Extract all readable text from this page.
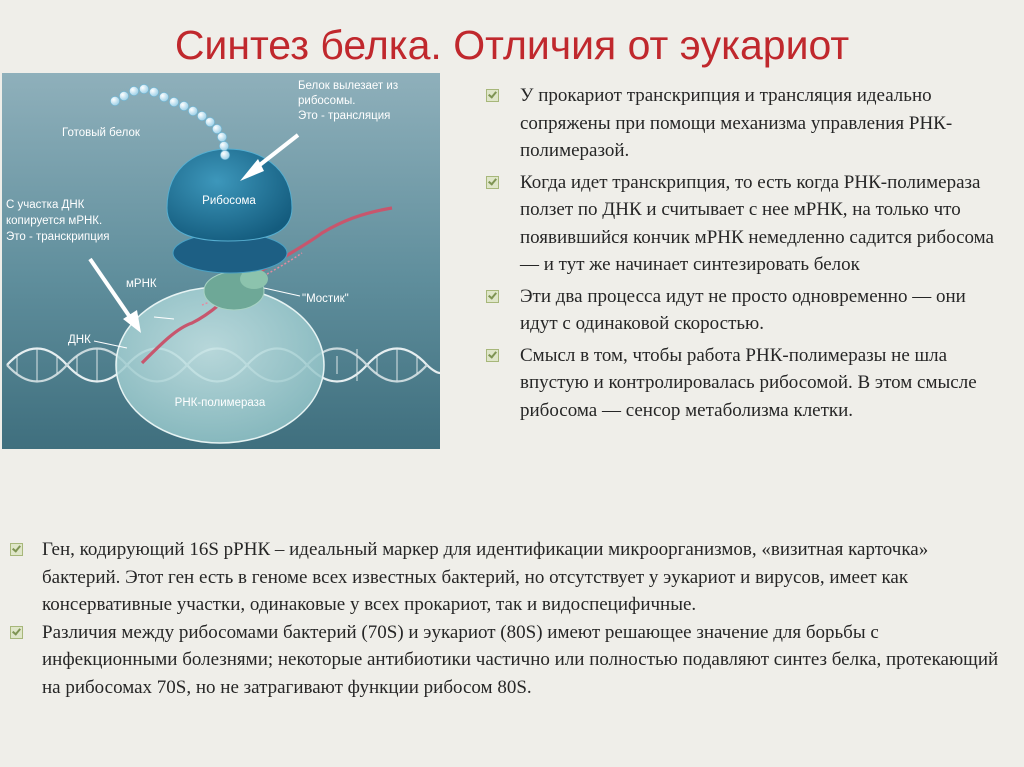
Синтез белка. Отличия от эукариот
Белок вылезает из рибосомы. Это - трансляция
Готовый белок
Рибосома
С участка ДНК копируется мРНК. Это - транскрипция
мРНК
"Мостик"
ДНК
РНК-полимераза
У прокариот транскрипция и трансляция идеально сопряжены при помощи механизма управления РНК-полимеразой.
Когда идет транскрипция, то есть когда РНК-полимераза ползет по ДНК и считывает с нее мРНК, на только что появившийся кончик мРНК немедленно садится рибосома — и тут же начинает синтезировать белок
Эти два процесса идут не просто одновременно — они идут с одинаковой скоростью.
Смысл в том, чтобы работа РНК-полимеразы не шла впустую и контролировалась рибосомой. В этом смысле рибосома — сенсор метаболизма клетки.
Ген, кодирующий 16S рРНК – идеальный маркер для идентификации микроорганизмов, «визитная карточка» бактерий. Этот ген есть в геноме всех известных бактерий, но отсутствует у эукариот и вирусов, имеет как консервативные участки, одинаковые у всех прокариот, так и видоспецифичные.
Различия между рибосомами бактерий (70S) и эукариот (80S) имеют решающее значение для борьбы с инфекционными болезнями; некоторые антибиотики частично или полностью подавляют синтез белка, протекающий на рибосомах 70S, но не затрагивают функции рибосом 80S.
